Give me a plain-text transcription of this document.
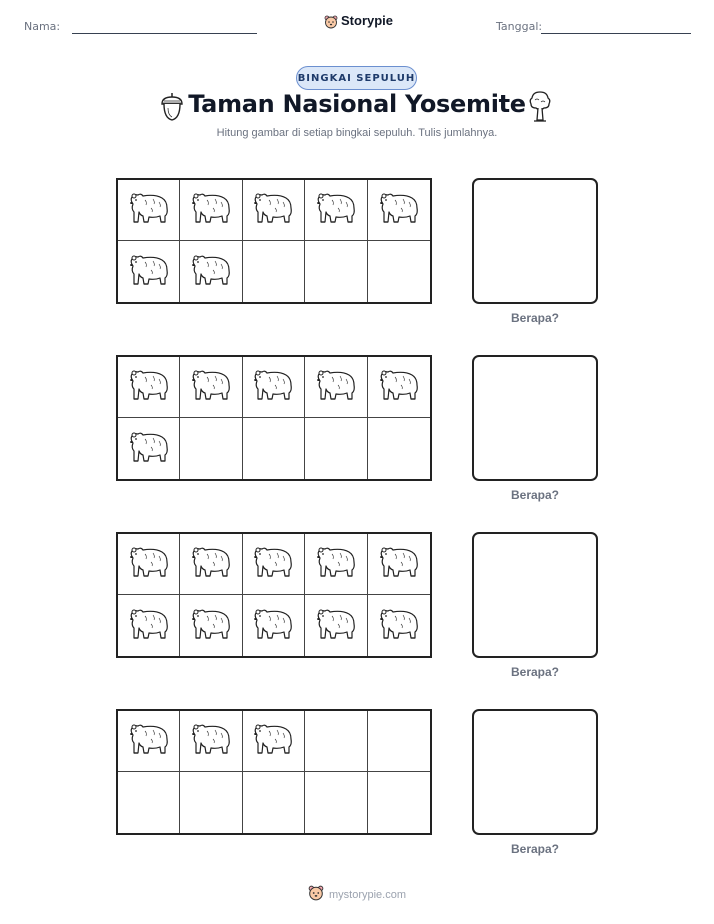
Nama:	Storypie	Tanggal:
BINGKAI SEPULUH
Taman Nasional Yosemite
Hitung gambar di setiap bingkai sepuluh. Tulis jumlahnya.
Berapa?
Berapa?
Berapa?
Berapa?
mystorypie.com
